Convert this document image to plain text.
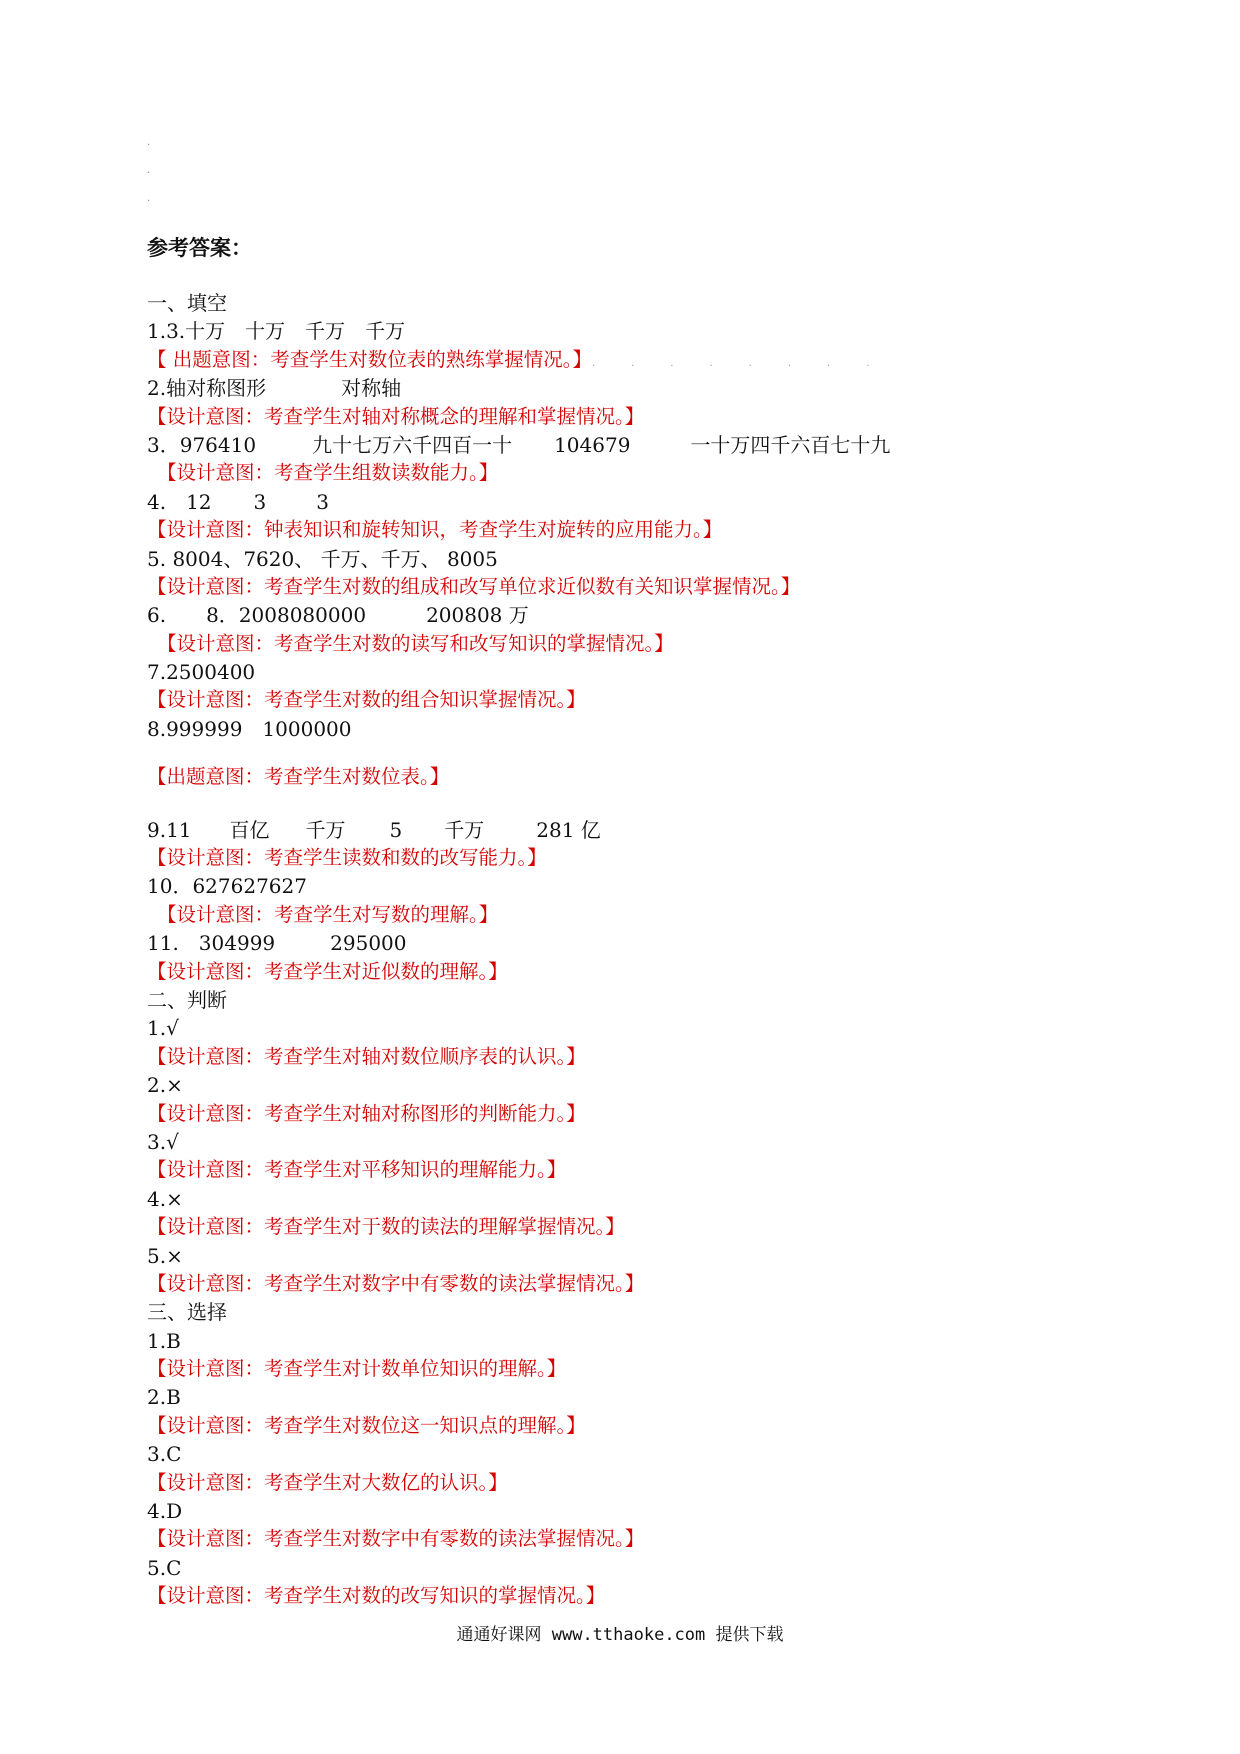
.
.
.
参考答案：
一、填空
1.3.十万　十万　千万　千万
【 出题意图：考查学生对数位表的熟练掌握情况。】........
2.轴对称图形	对称轴
【设计意图：考查学生对轴对称概念的理解和掌握情况。】
3．976410	九十七万六千四百一十 104679	一十万四千六百七十九
【设计意图：考查学生组数读数能力。】
4.　12 3	3
【设计意图：钟表知识和旋转知识，考查学生对旋转的应用能力。】
5. 8004、7620、 千万、千万、 8005
【设计意图：考查学生对数的组成和改写单位求近似数有关知识掌握情况。】
6.　　8．2008080000	200808 万
【设计意图：考查学生对数的读写和改写知识的掌握情况。】
7.2500400
【设计意图：考查学生对数的组合知识掌握情况。】
8.999999　1000000
【出题意图：考查学生对数位表。】
9.11 百亿 千万 5 千万	281 亿
【设计意图：考查学生读数和数的改写能力。】
10．627627627
【设计意图：考查学生对写数的理解。】
11.　304999	295000
【设计意图：考查学生对近似数的理解。】
二、判断
1.√
【设计意图：考查学生对轴对数位顺序表的认识。】
2.×
【设计意图：考查学生对轴对称图形的判断能力。】
3.√
【设计意图：考查学生对平移知识的理解能力。】
4.×
【设计意图：考查学生对于数的读法的理解掌握情况。】
5.×
【设计意图：考查学生对数字中有零数的读法掌握情况。】
三、选择
1.B
【设计意图：考查学生对计数单位知识的理解。】
2.B
【设计意图：考查学生对数位这一知识点的理解。】
3.C
【设计意图：考查学生对大数亿的认识。】
4.D
【设计意图：考查学生对数字中有零数的读法掌握情况。】
5.C
【设计意图：考查学生对数的改写知识的掌握情况。】
通通好课网 www.tthaoke.com 提供下载
